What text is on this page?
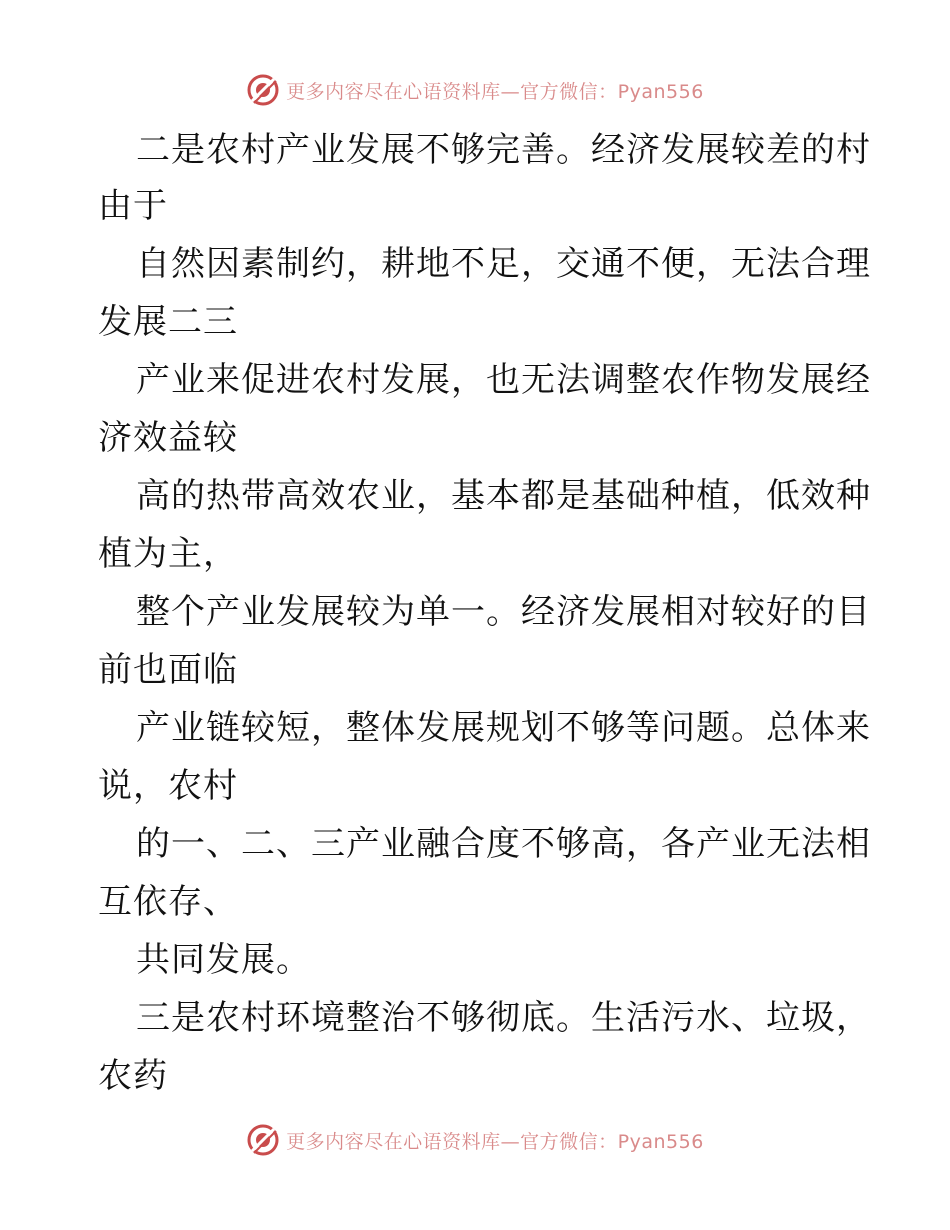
更多内容尽在心语资料库—官方微信：Pyan556
二是农村产业发展不够完善。经济发展较差的村
由于
自然因素制约，耕地不足，交通不便，无法合理
发展二三
产业来促进农村发展，也无法调整农作物发展经
济效益较
高的热带高效农业，基本都是基础种植，低效种
植为主，
整个产业发展较为单一。经济发展相对较好的目
前也面临
产业链较短，整体发展规划不够等问题。总体来
说，农村
的一、二、三产业融合度不够高，各产业无法相
互依存、
共同发展。
三是农村环境整治不够彻底。生活污水、垃圾，
农药
更多内容尽在心语资料库—官方微信：Pyan556
